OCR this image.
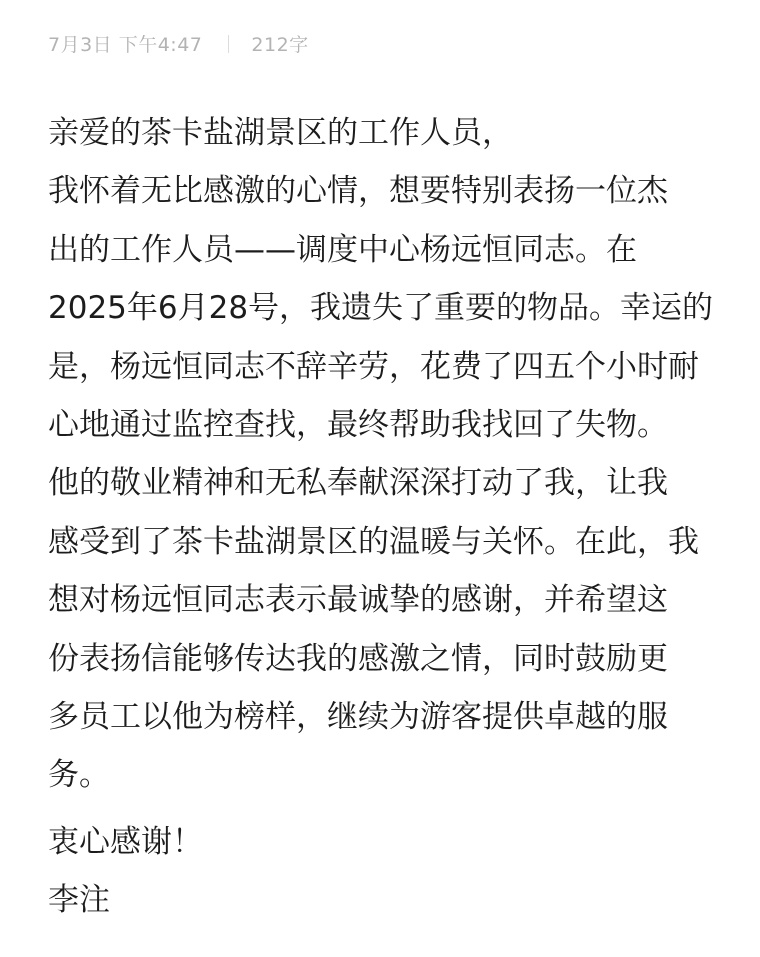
7月3日 下午4:47	212字
亲爱的茶卡盐湖景区的工作人员，
我怀着无比感激的心情，想要特别表扬一位杰
出的工作人员——调度中心杨远恒同志。在
2025年6月28号，我遗失了重要的物品。幸运的
是，杨远恒同志不辞辛劳，花费了四五个小时耐
心地通过监控查找，最终帮助我找回了失物。
他的敬业精神和无私奉献深深打动了我，让我
感受到了茶卡盐湖景区的温暖与关怀。在此，我
想对杨远恒同志表示最诚挚的感谢，并希望这
份表扬信能够传达我的感激之情，同时鼓励更
多员工以他为榜样，继续为游客提供卓越的服
务。
衷心感谢！
李注
